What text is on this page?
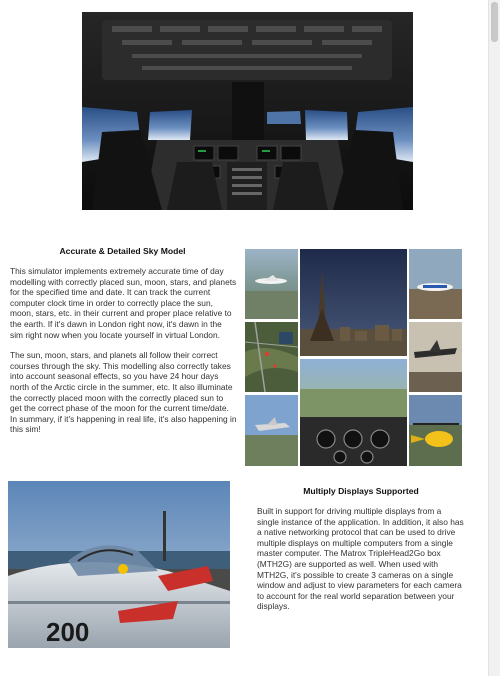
Accurate & Detailed Sky Model

This simulator implements extremely accurate time of day modelling with correctly placed sun, moon, stars, and planets for the specified time and date. It can track the current computer clock time in order to correctly place the sun, moon, stars, etc. in their current and proper place relative to the earth. If it's dawn in London right now, it's dawn in the sim right now when you locate yourself in virtual London.

The sun, moon, stars, and planets all follow their correct courses through the sky. This modelling also correctly takes into account seasonal effects, so you have 24 hour days north of the Arctic circle in the summer, etc. It also illuminate the correctly placed moon with the correctly placed sun to get the correct phase of the moon for the current time/date. In summary, if it's happening in real life, it's also happening in this sim!

200
Multiply Displays Supported

Built in support for driving multiple displays from a single instance of the application. In addition, it also has a native networking protocol that can be used to drive multiple displays on multiple computers from a single master computer. The Matrox TripleHead2Go box (MTH2G) are supported as well. When used with MTH2G, it's possible to create 3 cameras on a single window and adjust to view parameters for each camera to account for the real world separation between your displays.
